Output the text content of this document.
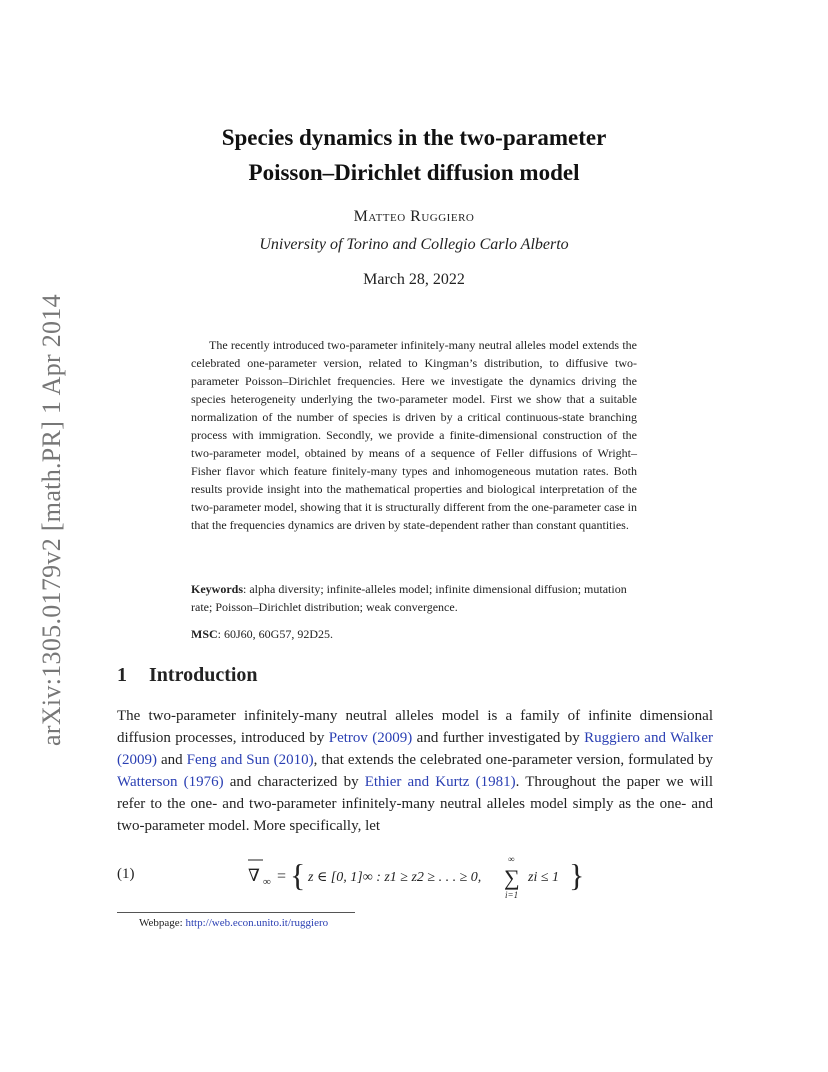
arXiv:1305.0179v2 [math.PR] 1 Apr 2014
Species dynamics in the two-parameter
Poisson–Dirichlet diffusion model
Matteo Ruggiero
University of Torino and Collegio Carlo Alberto
March 28, 2022

The recently introduced two-parameter infinitely-many neutral alleles model extends the celebrated one-parameter version, related to Kingman’s distribution, to diffusive two-parameter Poisson–Dirichlet frequencies. Here we investigate the dynamics driving the species heterogeneity underlying the two-parameter model. First we show that a suitable normalization of the number of species is driven by a critical continuous-state branching process with immigration. Secondly, we provide a finite-dimensional construction of the two-parameter model, obtained by means of a sequence of Feller diffusions of Wright–Fisher flavor which feature finitely-many types and inhomogeneous mutation rates. Both results provide insight into the mathematical properties and biological interpretation of the two-parameter model, showing that it is structurally different from the one-parameter case in that the frequencies dynamics are driven by state-dependent rather than constant quantities.

Keywords: alpha diversity; infinite-alleles model; infinite dimensional diffusion; mutation rate; Poisson–Dirichlet distribution; weak convergence.

MSC: 60J60, 60G57, 92D25.

1 Introduction

The two-parameter infinitely-many neutral alleles model is a family of infinite dimensional diffusion processes, introduced by Petrov (2009) and further investigated by Ruggiero and Walker (2009) and Feng and Sun (2010), that extends the celebrated one-parameter version, formulated by Watterson (1976) and characterized by Ethier and Kurtz (1981). Throughout the paper we will refer to the one- and two-parameter infinitely-many neutral alleles model simply as the one- and two-parameter model. More specifically, let

(1)	∇ ∞ = { z ∈ [0, 1]∞ : z1 ≥ z2 ≥ . . . ≥ 0,
∞
∑
i=1
zi ≤ 1 }
Webpage: http://web.econ.unito.it/ruggiero
